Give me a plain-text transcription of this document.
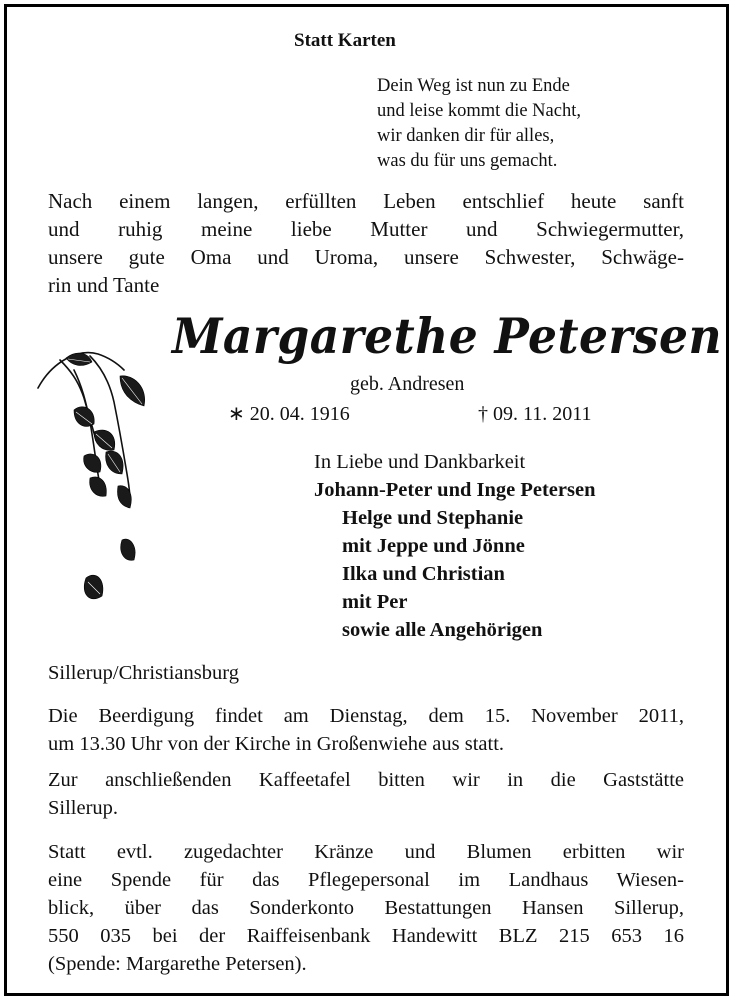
Statt Karten
Dein Weg ist nun zu Ende
und leise kommt die Nacht,
wir danken dir für alles,
was du für uns gemacht.
Nach einem langen, erfüllten Leben entschlief heute sanft
und ruhig meine liebe Mutter und Schwiegermutter,
unsere gute Oma und Uroma, unsere Schwester, Schwäge-
rin und Tante
Margarethe Petersen
geb. Andresen
∗ 20. 04. 1916	† 09. 11. 2011
In Liebe und Dankbarkeit
Johann-Peter und Inge Petersen
Helge und Stephanie
mit Jeppe und Jönne
Ilka und Christian
mit Per
sowie alle Angehörigen
Sillerup/Christiansburg
Die Beerdigung findet am Dienstag, dem 15. November 2011,
um 13.30 Uhr von der Kirche in Großenwiehe aus statt.
Zur anschließenden Kaffeetafel bitten wir in die Gaststätte
Sillerup.
Statt evtl. zugedachter Kränze und Blumen erbitten wir
eine Spende für das Pflegepersonal im Landhaus Wiesen-
blick, über das Sonderkonto Bestattungen Hansen Sillerup,
550 035 bei der Raiffeisenbank Handewitt BLZ 215 653 16
(Spende: Margarethe Petersen).
